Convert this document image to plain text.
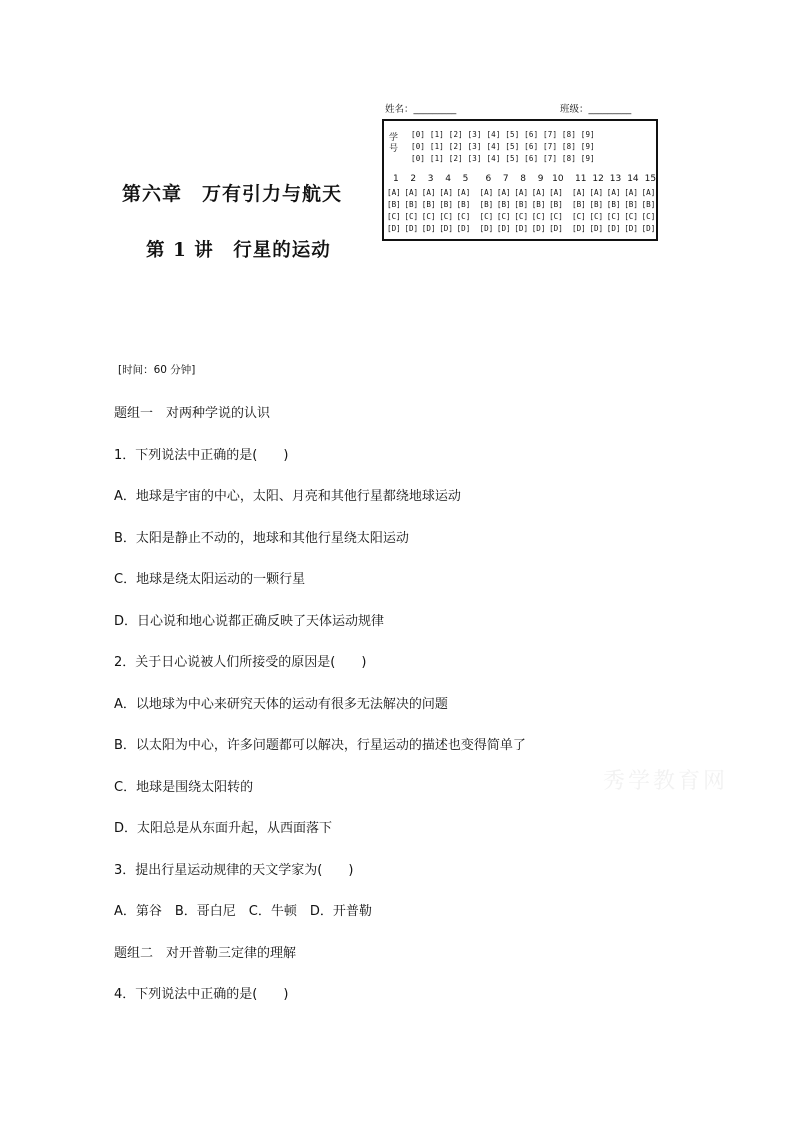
姓名：_________	班级：_________
学号
[0] [1] [2] [3] [4] [5] [6] [7] [8] [9]
[0] [1] [2] [3] [4] [5] [6] [7] [8] [9]
[0] [1] [2] [3] [4] [5] [6] [7] [8] [9]
1 2 3 4 5 6 7 8 9 10 11 12 13 14 15
[A] [A] [A] [A] [A] [A] [A] [A] [A] [A] [A] [A] [A] [A] [A]
[B] [B] [B] [B] [B] [B] [B] [B] [B] [B] [B] [B] [B] [B] [B]
[C] [C] [C] [C] [C] [C] [C] [C] [C] [C] [C] [C] [C] [C] [C]
[D] [D] [D] [D] [D] [D] [D] [D] [D] [D] [D] [D] [D] [D] [D]
第六章　万有引力与航天
第 1 讲　行星的运动
[时间：60 分钟]
题组一　对两种学说的认识
1．下列说法中正确的是(　　)
A．地球是宇宙的中心，太阳、月亮和其他行星都绕地球运动
B．太阳是静止不动的，地球和其他行星绕太阳运动
C．地球是绕太阳运动的一颗行星
D．日心说和地心说都正确反映了天体运动规律
2．关于日心说被人们所接受的原因是(　　)
A．以地球为中心来研究天体的运动有很多无法解决的问题
B．以太阳为中心，许多问题都可以解决，行星运动的描述也变得简单了
C．地球是围绕太阳转的
D．太阳总是从东面升起，从西面落下
3．提出行星运动规律的天文学家为(　　)
A．第谷　B．哥白尼　C．牛顿　D．开普勒
题组二　对开普勒三定律的理解
4．下列说法中正确的是(　　)
秀学教育网
